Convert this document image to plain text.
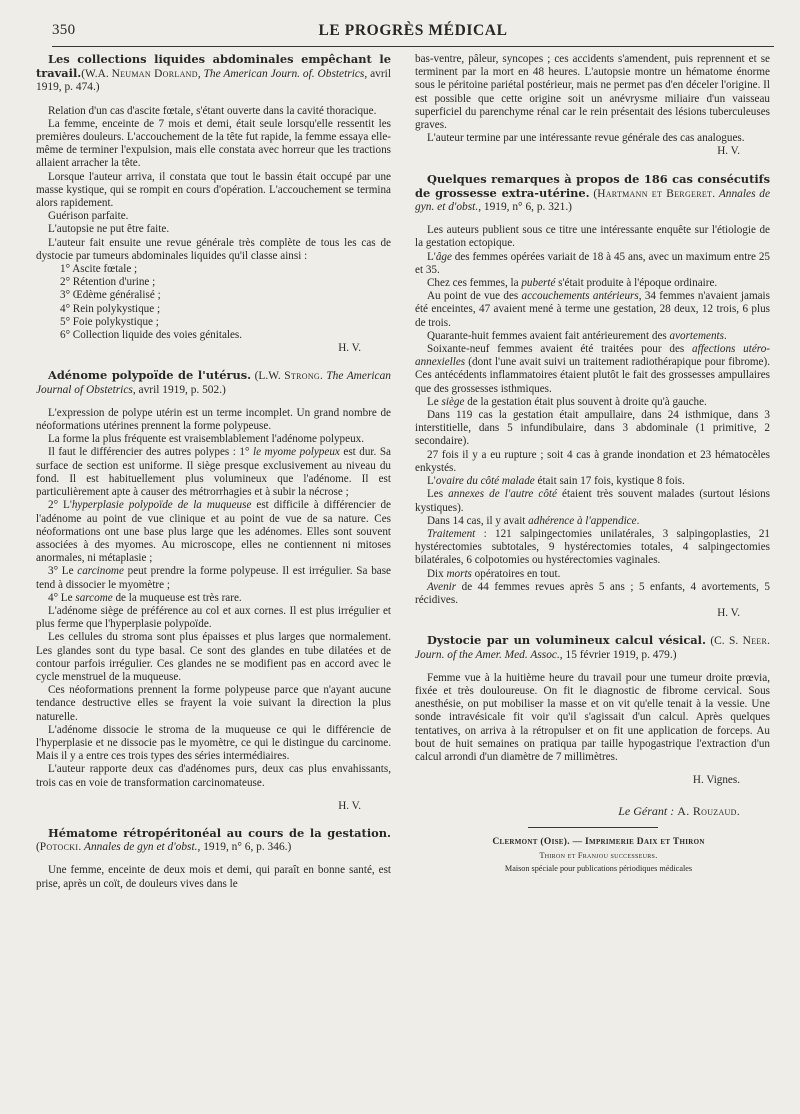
350	LE PROGRÈS MÉDICAL

Les collections liquides abdominales empêchant le travail.(W.A. Neuman Dorland, The American Journ. of. Obstetrics, avril 1919, p. 474.)

Relation d'un cas d'ascite fœtale, s'étant ouverte dans la cavité thoracique.

La femme, enceinte de 7 mois et demi, était seule lorsqu'elle ressentit les premières douleurs. L'accouchement de la tête fut rapide, la femme essaya elle-même de terminer l'expulsion, mais elle constata avec horreur que les tractions allaient arracher la tête.

Lorsque l'auteur arriva, il constata que tout le bassin était occupé par une masse kystique, qui se rompit en cours d'opération. L'accouchement se termina alors rapidement.

Guérison parfaite.

L'autopsie ne put être faite.

L'auteur fait ensuite une revue générale très complète de tous les cas de dystocie par tumeurs abdominales liquides qu'il classe ainsi :

1° Ascite fœtale ;

2° Rétention d'urine ;

3° Œdème généralisé ;

4° Rein polykystique ;

5° Foie polykystique ;

6° Collection liquide des voies génitales.

H. V.

Adénome polypoïde de l'utérus. (L.W. Strong. The American Journal of Obstetrics, avril 1919, p. 502.)

L'expression de polype utérin est un terme incomplet. Un grand nombre de néoformations utérines prennent la forme polypeuse.

La forme la plus fréquente est vraisemblablement l'adénome polypeux.

Il faut le différencier des autres polypes : 1° le myome polypeux est dur. Sa surface de section est uniforme. Il siège presque exclusivement au niveau du fond. Il est habituellement plus volumineux que l'adénome. Il est particulièrement apte à causer des métrorrhagies et à subir la nécrose ;

2° L'hyperplasie polypoïde de la muqueuse est difficile à différencier de l'adénome au point de vue clinique et au point de vue de sa nature. Ces néoformations ont une base plus large que les adénomes. Elles sont souvent associées à des myomes. Au microscope, elles ne contiennent ni mitoses anormales, ni métaplasie ;

3° Le carcinome peut prendre la forme polypeuse. Il est irrégulier. Sa base tend à dissocier le myomètre ;

4° Le sarcome de la muqueuse est très rare.

L'adénome siège de préférence au col et aux cornes. Il est plus irrégulier et plus ferme que l'hyperplasie polypoïde.

Les cellules du stroma sont plus épaisses et plus larges que normalement. Les glandes sont du type basal. Ce sont des glandes en tube dilatées et de contour parfois irrégulier. Ces glandes ne se modifient pas en accord avec le cycle menstruel de la muqueuse.

Ces néoformations prennent la forme polypeuse parce que n'ayant aucune tendance destructive elles se frayent la voie suivant la direction la plus naturelle.

L'adénome dissocie le stroma de la muqueuse ce qui le différencie de l'hyperplasie et ne dissocie pas le myomètre, ce qui le distingue du carcinome. Mais il y a entre ces trois types des séries intermédiaires.

L'auteur rapporte deux cas d'adénomes purs, deux cas plus envahissants, trois cas en voie de transformation carcinomateuse.

H. V.

Hématome rétropéritonéal au cours de la gestation. (Potocki. Annales de gyn et d'obst., 1919, n° 6, p. 346.)

Une femme, enceinte de deux mois et demi, qui paraît en bonne santé, est prise, après un coït, de douleurs vives dans le

bas-ventre, pâleur, syncopes ; ces accidents s'amendent, puis reprennent et se terminent par la mort en 48 heures. L'autopsie montre un hématome énorme sous le péritoine pariétal postérieur, mais ne permet pas d'en déceler l'origine. Il est possible que cette origine soit un anévrysme miliaire d'un vaisseau superficiel du parenchyme rénal car le rein présentait des lésions tuberculeuses graves.

L'auteur termine par une intéressante revue générale des cas analogues.

H. V.

Quelques remarques à propos de 186 cas consécutifs de grossesse extra-utérine. (Hartmann et Bergeret. Annales de gyn. et d'obst., 1919, n° 6, p. 321.)

Les auteurs publient sous ce titre une intéressante enquête sur l'étiologie de la gestation ectopique.

L'âge des femmes opérées variait de 18 à 45 ans, avec un maximum entre 25 et 35.

Chez ces femmes, la puberté s'était produite à l'époque ordinaire.

Au point de vue des accouchements antérieurs, 34 femmes n'avaient jamais été enceintes, 47 avaient mené à terme une gestation, 28 deux, 12 trois, 6 plus de trois.

Quarante-huit femmes avaient fait antérieurement des avortements.

Soixante-neuf femmes avaient été traitées pour des affections utéro-annexielles (dont l'une avait suivi un traitement radiothérapique pour fibrome). Ces antécédents inflammatoires étaient plutôt le fait des grossesses ampullaires que des grossesses isthmiques.

Le siège de la gestation était plus souvent à droite qu'à gauche.

Dans 119 cas la gestation était ampullaire, dans 24 isthmique, dans 3 interstitielle, dans 5 infundibulaire, dans 3 abdominale (1 primitive, 2 secondaire).

27 fois il y a eu rupture ; soit 4 cas à grande inondation et 23 hématocèles enkystés.

L'ovaire du côté malade était sain 17 fois, kystique 8 fois.

Les annexes de l'autre côté étaient très souvent malades (surtout lésions kystiques).

Dans 14 cas, il y avait adhérence à l'appendice.

Traitement : 121 salpingectomies unilatérales, 3 salpingoplasties, 21 hystérectomies subtotales, 9 hystérectomies totales, 4 salpingectomies bilatérales, 6 colpotomies ou hystérectomies vaginales.

Dix morts opératoires en tout.

Avenir de 44 femmes revues après 5 ans ; 5 enfants, 4 avortements, 5 récidives.

H. V.

Dystocie par un volumineux calcul vésical. (C. S. Neer. Journ. of the Amer. Med. Assoc., 15 février 1919, p. 479.)

Femme vue à la huitième heure du travail pour une tumeur droite prœvia, fixée et très douloureuse. On fit le diagnostic de fibrome cervical. Sous anesthésie, on put mobiliser la masse et on vit qu'elle tenait à la vessie. Une sonde intravésicale fit voir qu'il s'agissait d'un calcul. Après quelques tentatives, on arriva à la rétropulser et on fit une application de forceps. Au bout de huit semaines on pratiqua par taille hypogastrique l'extraction d'un calcul arrondi d'un diamètre de 7 millimètres.

H. Vignes.

Le Gérant : A. Rouzaud.

Clermont (Oise). — Imprimerie Daix et Thiron

Thiron et Franjou successeurs.

Maison spéciale pour publications périodiques médicales
